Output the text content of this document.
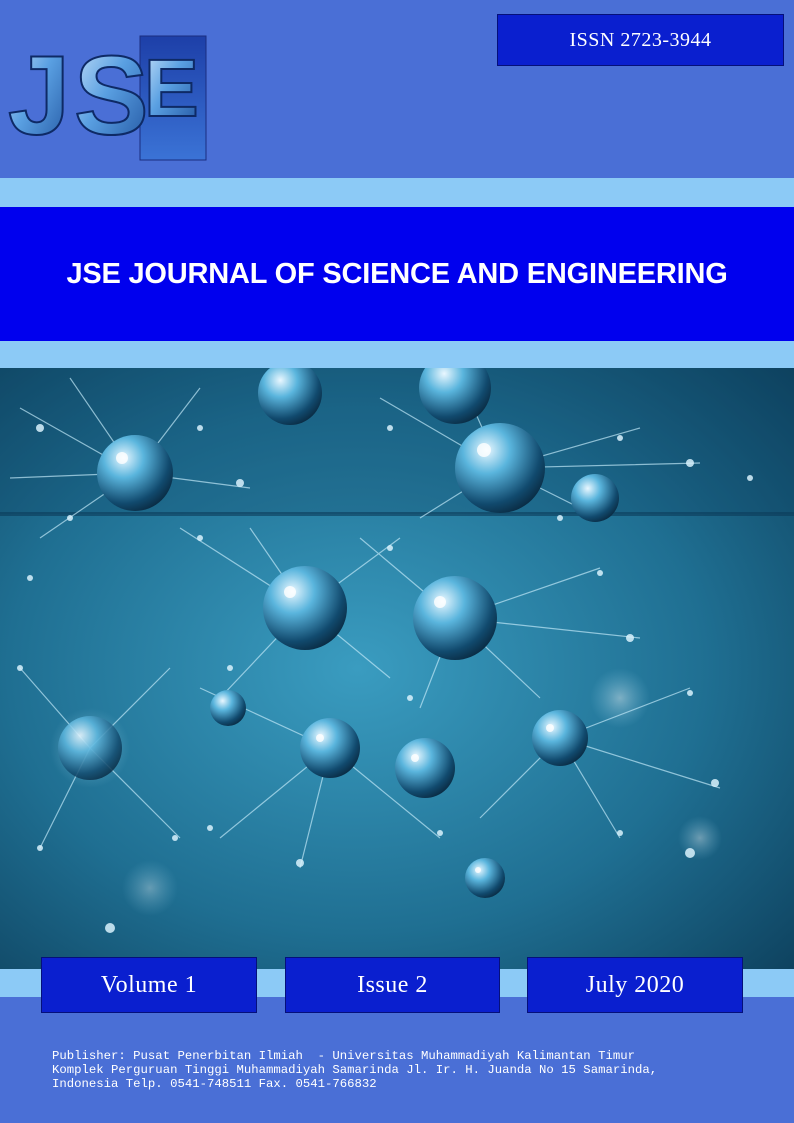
J S
E
ISSN 2723-3944
JSE JOURNAL OF SCIENCE AND ENGINEERING
Volume 1	Issue 2	July 2020
Publisher: Pusat Penerbitan Ilmiah  - Universitas Muhammadiyah Kalimantan Timur
Komplek Perguruan Tinggi Muhammadiyah Samarinda Jl. Ir. H. Juanda No 15 Samarinda,
Indonesia Telp. 0541-748511 Fax. 0541-766832
